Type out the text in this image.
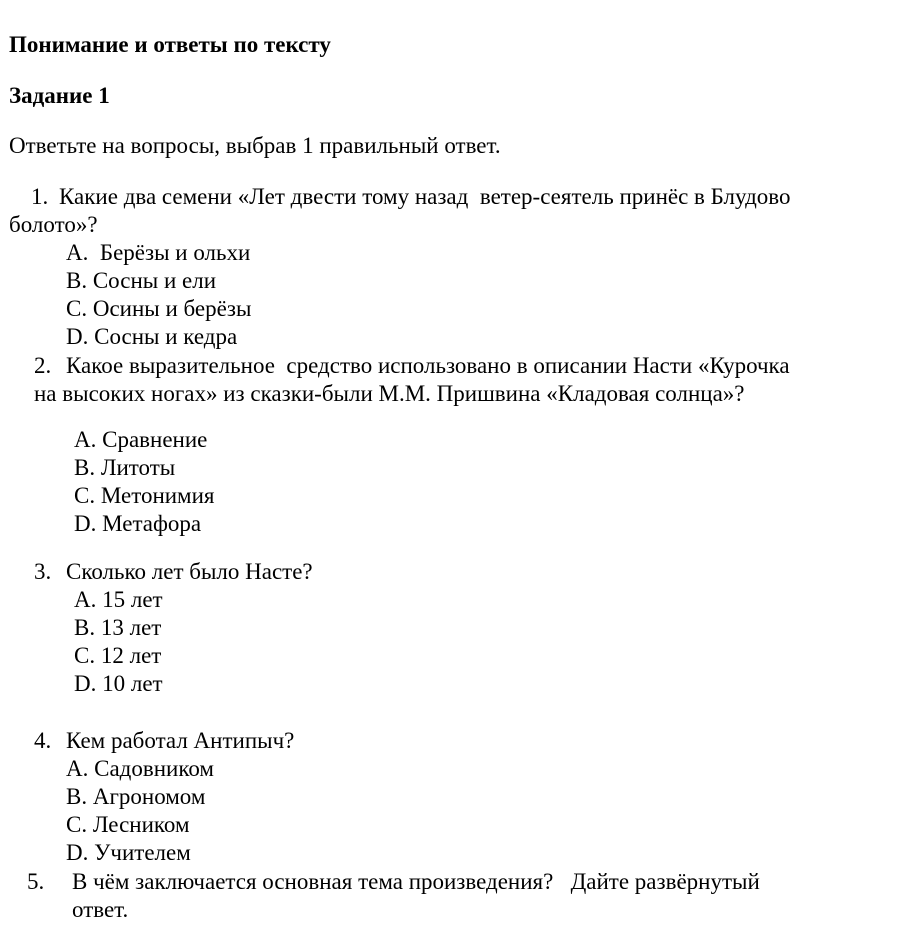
Понимание и ответы по тексту

Задание 1

Ответьте на вопросы, выбрав 1 правильный ответ.

1. Какие два семени «Лет двести тому назад  ветер-сеятель принёс в Блудово

болото»?

A.  Берёзы и ольхи

B. Сосны и ели

C. Осины и берёзы

D. Сосны и кедра

2. Какое выразительное  средство использовано в описании Насти «Курочка

на высоких ногах» из сказки-были М.М. Пришвина «Кладовая солнца»?

A. Сравнение

B. Литоты

C. Метонимия

D. Метафора

3. Сколько лет было Насте?

A. 15 лет

B. 13 лет

C. 12 лет

D. 10 лет

4. Кем работал Антипыч?

A. Садовником

B. Агрономом

C. Лесником

D. Учителем

5. В чём заключается основная тема произведения?   Дайте развёрнутый

ответ.
